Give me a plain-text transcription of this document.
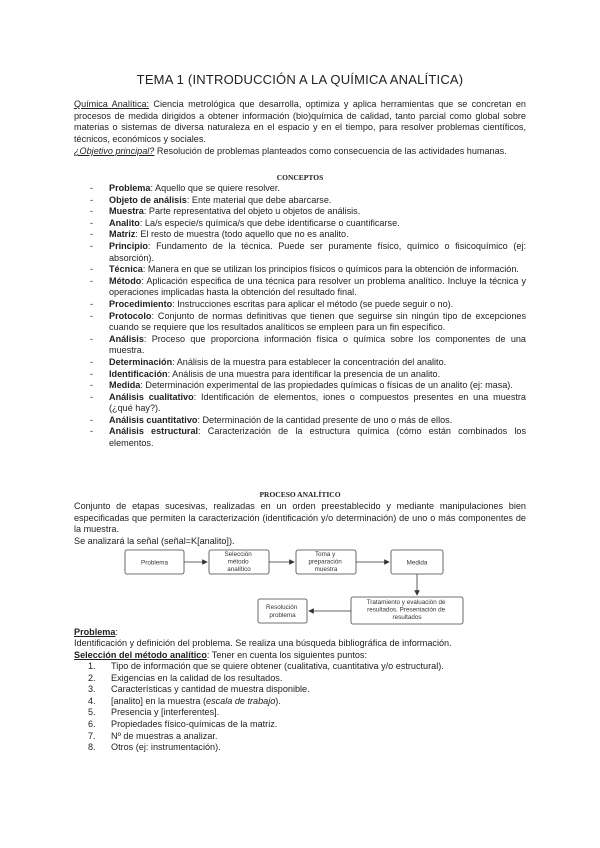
TEMA 1 (INTRODUCCIÓN A LA QUÍMICA ANALÍTICA)

Química Analítica: Ciencia metrológica que desarrolla, optimiza y aplica herramientas que se concretan en procesos de medida dirigidos a obtener información (bio)química de calidad, tanto parcial como global sobre materias o sistemas de diversa naturaleza en el espacio y en el tiempo, para resolver problemas científicos, técnicos, económicos y sociales.

¿Objetivo principal? Resolución de problemas planteados como consecuencia de las actividades humanas.

CONCEPTOS
- Problema: Aquello que se quiere resolver.
- Objeto de análisis: Ente material que debe abarcarse.
- Muestra: Parte representativa del objeto u objetos de análisis.
- Analito: La/s especie/s química/s que debe identificarse o cuantificarse.
- Matriz: El resto de muestra (todo aquello que no es analito.
- Principio: Fundamento de la técnica. Puede ser puramente físico, químico o fisicoquímico (ej: absorción).
- Técnica: Manera en que se utilizan los principios físicos o químicos para la obtención de información.
- Método: Aplicación especifica de una técnica para resolver un problema analítico. Incluye la técnica y operaciones implicadas hasta la obtención del resultado final.
- Procedimiento: Instrucciones escritas para aplicar el método (se puede seguir o no).
- Protocolo: Conjunto de normas definitivas que tienen que seguirse sin ningún tipo de excepciones cuando se requiere que los resultados analíticos se empleen para un fin específico.
- Análisis: Proceso que proporciona información física o química sobre los componentes de una muestra.
- Determinación: Análisis de la muestra para establecer la concentración del analito.
- Identificación: Análisis de una muestra para identificar la presencia de un analito.
- Medida: Determinación experimental de las propiedades químicas o físicas de un analito (ej: masa).
- Análisis cualitativo: Identificación de elementos, iones o compuestos presentes en una muestra (¿qué hay?).
- Análisis cuantitativo: Determinación de la cantidad presente de uno o más de ellos.
- Análisis estructural: Caracterización de la estructura química (cómo están combinados los elementos.
PROCESO ANALÍTICO

Conjunto de etapas sucesivas, realizadas en un orden preestablecido y mediante manipulaciones bien especificadas que permiten la caracterización (identificación y/o determinación) de uno o más componentes de la muestra.

Se analizará la señal (señal=K[analito]).

Problema
Selección método analítico
Toma y preparación muestra
Medida
Tratamiento y evaluación de resultados. Presentación de resultados
Resolución problema

Problema:

Identificación y definición del problema. Se realiza una búsqueda bibliográfica de información.

Selección del método analítico: Tener en cuenta los siguientes puntos:

1. Tipo de información que se quiere obtener (cualitativa, cuantitativa y/o estructural).
2. Exigencias en la calidad de los resultados.
3. Características y cantidad de muestra disponible.
4. [analito] en la muestra (escala de trabajo).
5. Presencia y [interferentes].
6. Propiedades físico-químicas de la matriz.
7. Nº de muestras a analizar.
8. Otros (ej: instrumentación).
